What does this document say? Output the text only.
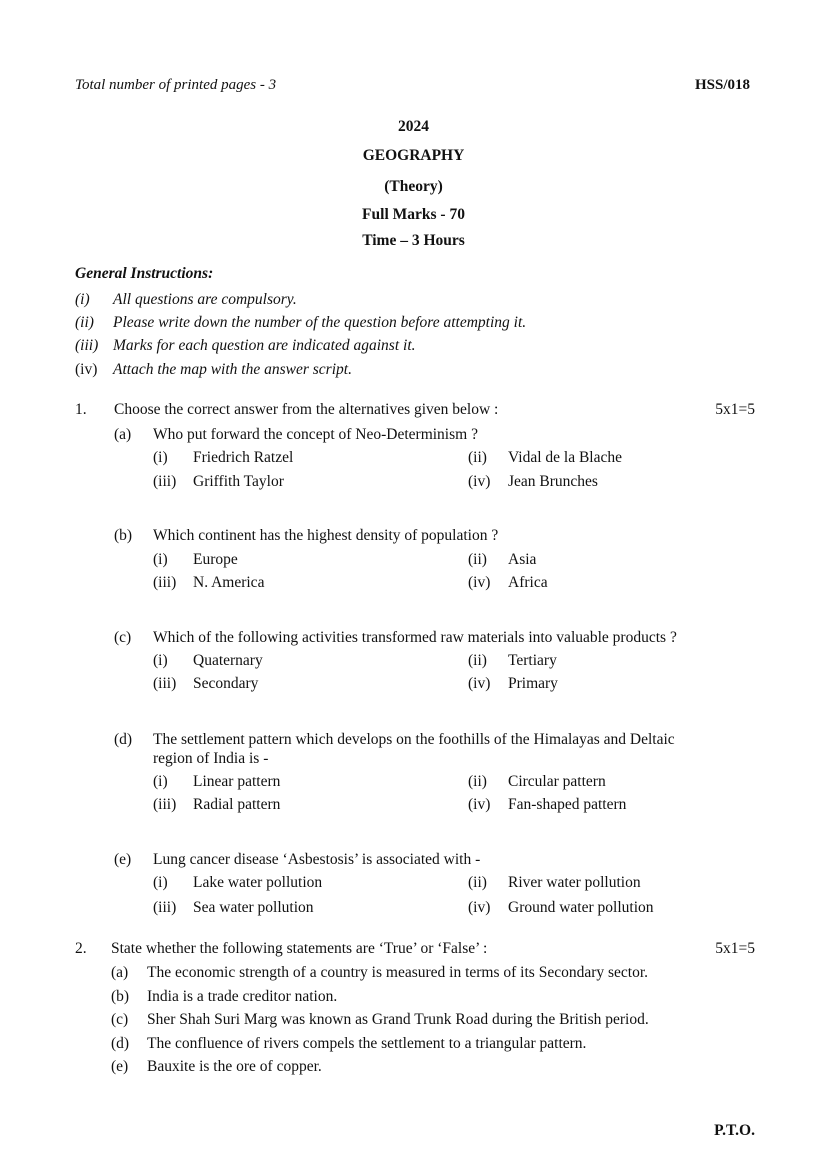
Total number of printed pages - 3	HSS/018
2024
GEOGRAPHY
(Theory)
Full Marks - 70
Time – 3 Hours
General Instructions:
(i) All questions are compulsory.
(ii) Please write down the number of the question before attempting it.
(iii) Marks for each question are indicated against it.
(iv) Attach the map with the answer script.
1. Choose the correct answer from the alternatives given below :	5x1=5
(a) Who put forward the concept of Neo-Determinism ?
(i) Friedrich Ratzel	(ii) Vidal de la Blache
(iii) Griffith Taylor	(iv) Jean Brunches
(b) Which continent has the highest density of population ?
(i) Europe	(ii) Asia
(iii) N. America	(iv) Africa
(c) Which of the following activities transformed raw materials into valuable products ?
(i) Quaternary	(ii) Tertiary
(iii) Secondary	(iv) Primary
(d) The settlement pattern which develops on the foothills of the Himalayas and Deltaic
region of India is -
(i) Linear pattern	(ii) Circular pattern
(iii) Radial pattern	(iv) Fan-shaped pattern
(e) Lung cancer disease ‘Asbestosis’ is associated with -
(i) Lake water pollution	(ii) River water pollution
(iii) Sea water pollution	(iv) Ground water pollution
2. State whether the following statements are ‘True’ or ‘False’ :	5x1=5
(a) The economic strength of a country is measured in terms of its Secondary sector.
(b) India is a trade creditor nation.
(c) Sher Shah Suri Marg was known as Grand Trunk Road during the British period.
(d) The confluence of rivers compels the settlement to a triangular pattern.
(e) Bauxite is the ore of copper.
P.T.O.
